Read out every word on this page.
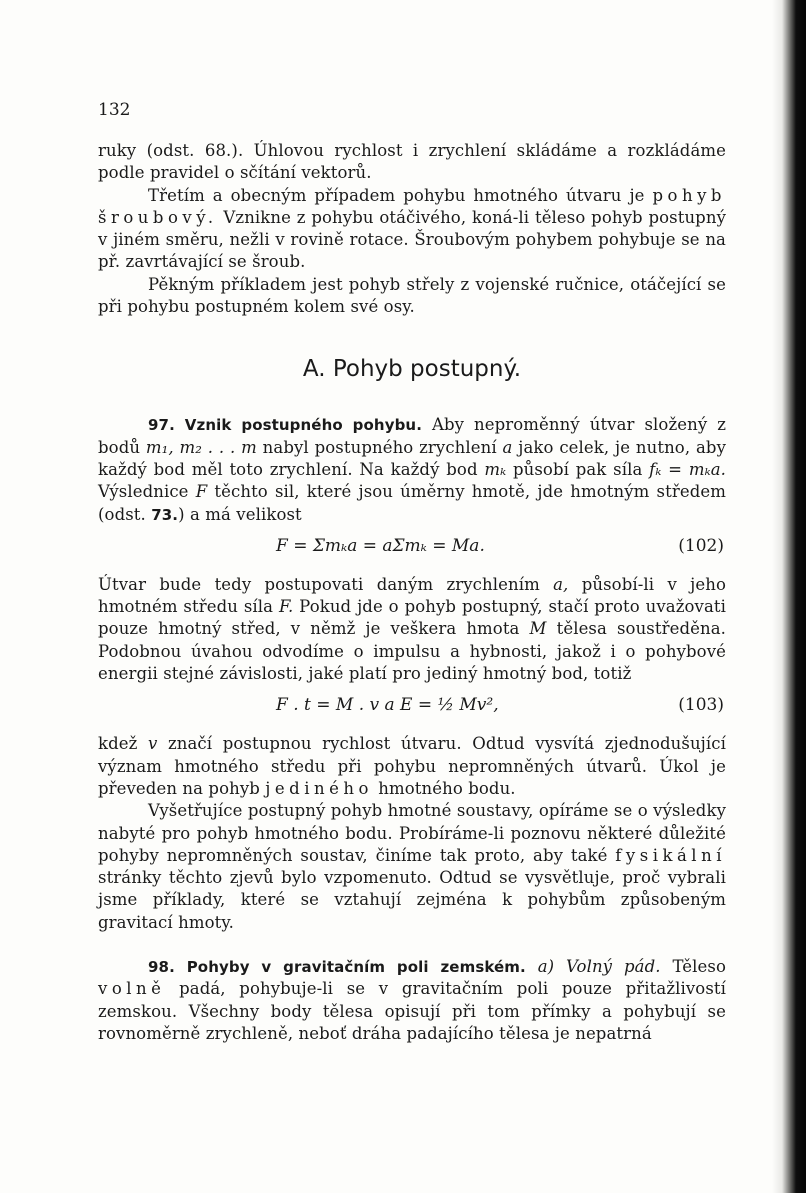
132

ruky (odst. 68.). Úhlovou rychlost i zrychlení skládáme a rozkládáme podle pravidel o sčítání vektorů.

Třetím a obecným případem pohybu hmotného útvaru je pohyb šroubový. Vznikne z pohybu otáčivého, koná-li těleso pohyb postupný v jiném směru, nežli v rovině rotace. Šroubovým pohybem pohybuje se na př. zavrtávající se šroub.

Pěkným příkladem jest pohyb střely z vojenské ručnice, otáčející se při pohybu postupném kolem své osy.

A. Pohyb postupný.

97. Vznik postupného pohybu. Aby neproměnný útvar složený z bodů m₁, m₂ . . . m nabyl postupného zrychlení a jako celek, je nutno, aby každý bod měl toto zrychlení. Na každý bod mₖ působí pak síla fₖ = mₖa. Výslednice F těchto sil, které jsou úměrny hmotě, jde hmotným středem (odst. 73.) a má velikost

F = Σmₖa = aΣmₖ = Ma.	(102)

Útvar bude tedy postupovati daným zrychlením a, působí-li v jeho hmotném středu síla F. Pokud jde o pohyb postupný, stačí proto uvažovati pouze hmotný střed, v němž je veškera hmota M tělesa soustředěna. Podobnou úvahou odvodíme o impulsu a hybnosti, jakož i o pohybové energii stejné závislosti, jaké platí pro jediný hmotný bod, totiž

F . t = M . v a E = ½ Mv²,	(103)

kdež v značí postupnou rychlost útvaru. Odtud vysvítá zjednodušující význam hmotného středu při pohybu nepromněných útvarů. Úkol je převeden na pohyb jediného hmotného bodu.

Vyšetřujíce postupný pohyb hmotné soustavy, opíráme se o výsledky nabyté pro pohyb hmotného bodu. Probíráme-li poznovu některé důležité pohyby nepromněných soustav, činíme tak proto, aby také fysikální stránky těchto zjevů bylo vzpomenuto. Odtud se vysvětluje, proč vybrali jsme příklady, které se vztahují zejména k pohybům způsobeným gravitací hmoty.

98. Pohyby v gravitačním poli zemském. a) Volný pád. Těleso volně padá, pohybuje-li se v gravitačním poli pouze přitažlivostí zemskou. Všechny body tělesa opisují při tom přímky a pohybují se rovnoměrně zrychleně, neboť dráha padajícího tělesa je nepatrná
